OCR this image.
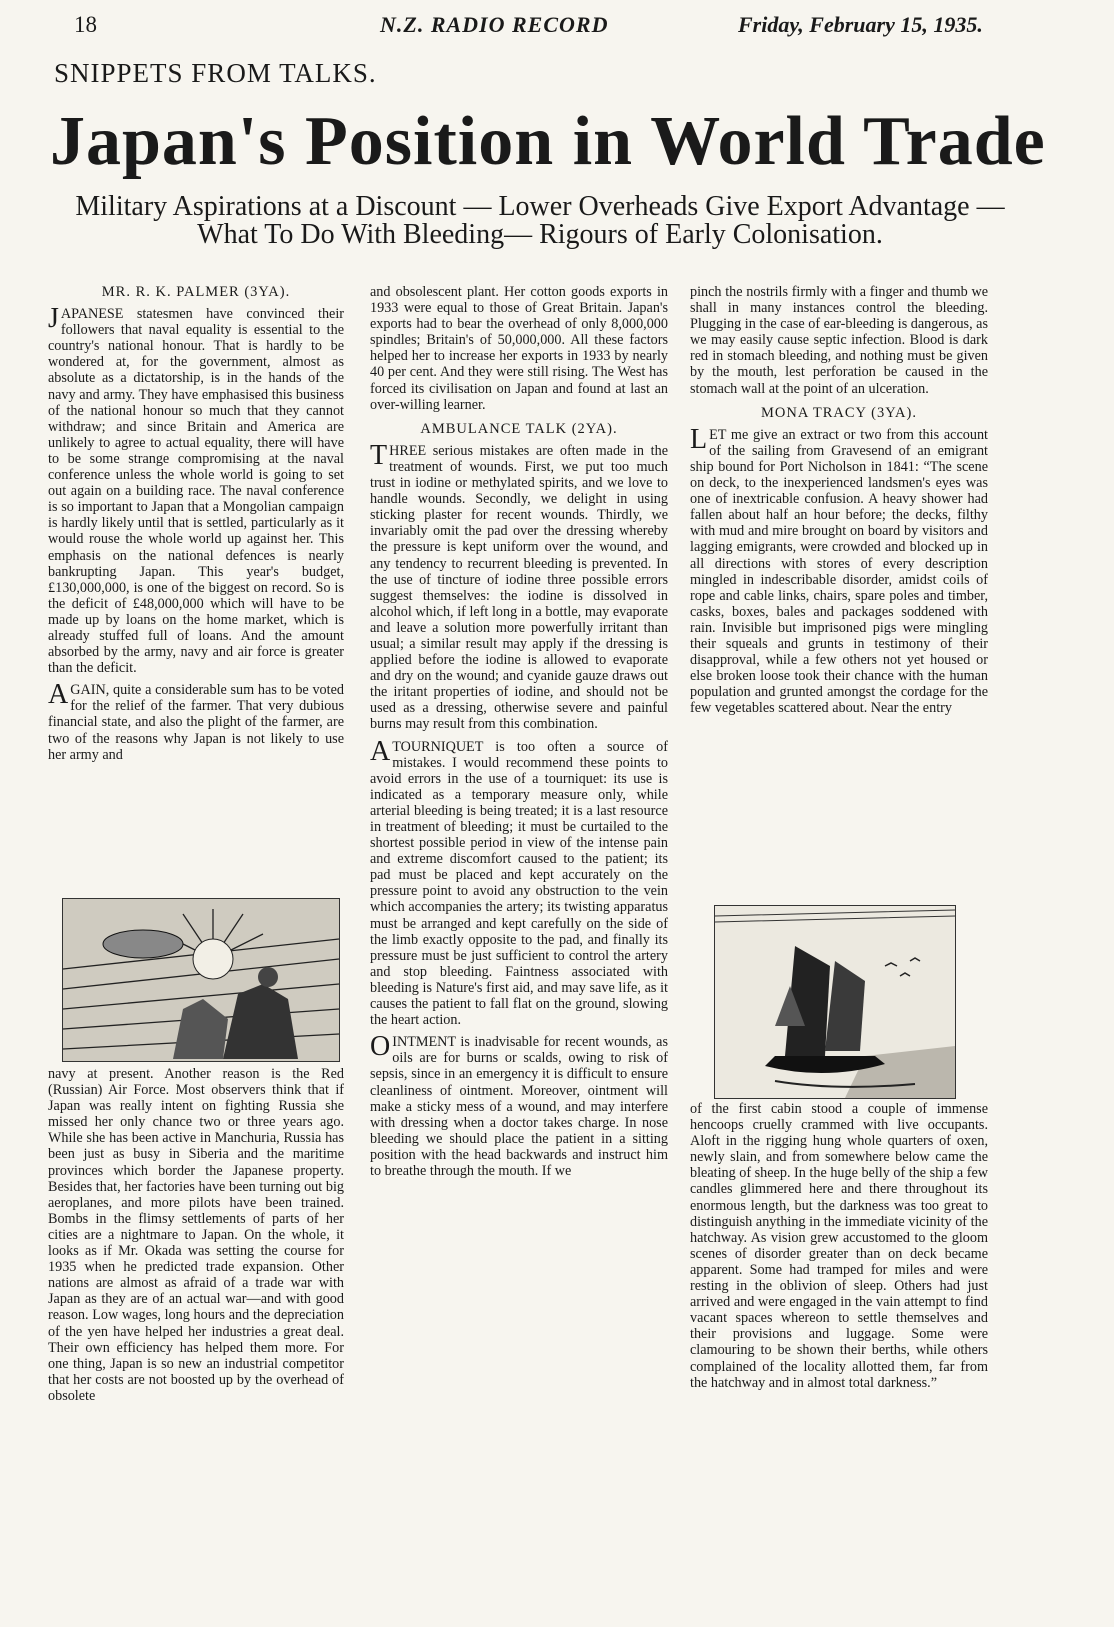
18	N.Z. RADIO RECORD	Friday, February 15, 1935.
SNIPPETS FROM TALKS.
Japan's Position in World Trade
Military Aspirations at a Discount — Lower Overheads Give Export Advantage — What To Do With Bleeding— Rigours of Early Colonisation.
MR. R. K. PALMER (3YA).

JAPANESE statesmen have convinced their followers that naval equality is essential to the country's national honour. That is hardly to be wondered at, for the government, almost as absolute as a dictatorship, is in the hands of the navy and army. They have emphasised this business of the national honour so much that they cannot withdraw; and since Britain and America are unlikely to agree to actual equality, there will have to be some strange compromising at the naval conference unless the whole world is going to set out again on a building race. The naval conference is so important to Japan that a Mongolian campaign is hardly likely until that is settled, particularly as it would rouse the whole world up against her. This emphasis on the national defences is nearly bankrupting Japan. This year's budget, £130,000,000, is one of the biggest on record. So is the deficit of £48,000,000 which will have to be made up by loans on the home market, which is already stuffed full of loans. And the amount absorbed by the army, navy and air force is greater than the deficit.

AGAIN, quite a considerable sum has to be voted for the relief of the farmer. That very dubious financial state, and also the plight of the farmer, are two of the reasons why Japan is not likely to use her army and

navy at present. Another reason is the Red (Russian) Air Force. Most observers think that if Japan was really intent on fighting Russia she missed her only chance two or three years ago. While she has been active in Manchuria, Russia has been just as busy in Siberia and the maritime provinces which border the Japanese property. Besides that, her factories have been turning out big aeroplanes, and more pilots have been trained. Bombs in the flimsy settlements of parts of her cities are a nightmare to Japan. On the whole, it looks as if Mr. Okada was setting the course for 1935 when he predicted trade expansion. Other nations are almost as afraid of a trade war with Japan as they are of an actual war—and with good reason. Low wages, long hours and the depreciation of the yen have helped her industries a great deal. Their own efficiency has helped them more. For one thing, Japan is so new an industrial competitor that her costs are not boosted up by the overhead of obsolete

and obsolescent plant. Her cotton goods exports in 1933 were equal to those of Great Britain. Japan's exports had to bear the overhead of only 8,000,000 spindles; Britain's of 50,000,000. All these factors helped her to increase her exports in 1933 by nearly 40 per cent. And they were still rising. The West has forced its civilisation on Japan and found at last an over-willing learner.

AMBULANCE TALK (2YA).

THREE serious mistakes are often made in the treatment of wounds. First, we put too much trust in iodine or methylated spirits, and we love to handle wounds. Secondly, we delight in using sticking plaster for recent wounds. Thirdly, we invariably omit the pad over the dressing whereby the pressure is kept uniform over the wound, and any tendency to recurrent bleeding is prevented. In the use of tincture of iodine three possible errors suggest themselves: the iodine is dissolved in alcohol which, if left long in a bottle, may evaporate and leave a solution more powerfully irritant than usual; a similar result may apply if the dressing is applied before the iodine is allowed to evaporate and dry on the wound; and cyanide gauze draws out the iritant properties of iodine, and should not be used as a dressing, otherwise severe and painful burns may result from this combination.

A TOURNIQUET is too often a source of mistakes. I would recommend these points to avoid errors in the use of a tourniquet: its use is indicated as a temporary measure only, while arterial bleeding is being treated; it is a last resource in treatment of bleeding; it must be curtailed to the shortest possible period in view of the intense pain and extreme discomfort caused to the patient; its pad must be placed and kept accurately on the pressure point to avoid any obstruction to the vein which accompanies the artery; its twisting apparatus must be arranged and kept carefully on the side of the limb exactly opposite to the pad, and finally its pressure must be just sufficient to control the artery and stop bleeding. Faintness associated with bleeding is Nature's first aid, and may save life, as it causes the patient to fall flat on the ground, slowing the heart action.

OINTMENT is inadvisable for recent wounds, as oils are for burns or scalds, owing to risk of sepsis, since in an emergency it is difficult to ensure cleanliness of ointment. Moreover, ointment will make a sticky mess of a wound, and may interfere with dressing when a doctor takes charge. In nose bleeding we should place the patient in a sitting position with the head backwards and instruct him to breathe through the mouth. If we

pinch the nostrils firmly with a finger and thumb we shall in many instances control the bleeding. Plugging in the case of ear-bleeding is dangerous, as we may easily cause septic infection. Blood is dark red in stomach bleeding, and nothing must be given by the mouth, lest perforation be caused in the stomach wall at the point of an ulceration.

MONA TRACY (3YA).

LET me give an extract or two from this account of the sailing from Gravesend of an emigrant ship bound for Port Nicholson in 1841: “The scene on deck, to the inexperienced landsmen's eyes was one of inextricable confusion. A heavy shower had fallen about half an hour before; the decks, filthy with mud and mire brought on board by visitors and lagging emigrants, were crowded and blocked up in all directions with stores of every description mingled in indescribable disorder, amidst coils of rope and cable links, chairs, spare poles and timber, casks, boxes, bales and packages soddened with rain. Invisible but imprisoned pigs were mingling their squeals and grunts in testimony of their disapproval, while a few others not yet housed or else broken loose took their chance with the human population and grunted amongst the cordage for the few vegetables scattered about. Near the entry

of the first cabin stood a couple of immense hencoops cruelly crammed with live occupants. Aloft in the rigging hung whole quarters of oxen, newly slain, and from somewhere below came the bleating of sheep. In the huge belly of the ship a few candles glimmered here and there throughout its enormous length, but the darkness was too great to distinguish anything in the immediate vicinity of the hatchway. As vision grew accustomed to the gloom scenes of disorder greater than on deck became apparent. Some had tramped for miles and were resting in the oblivion of sleep. Others had just arrived and were engaged in the vain attempt to find vacant spaces whereon to settle themselves and their provisions and luggage. Some were clamouring to be shown their berths, while others complained of the locality allotted them, far from the hatchway and in almost total darkness.”
